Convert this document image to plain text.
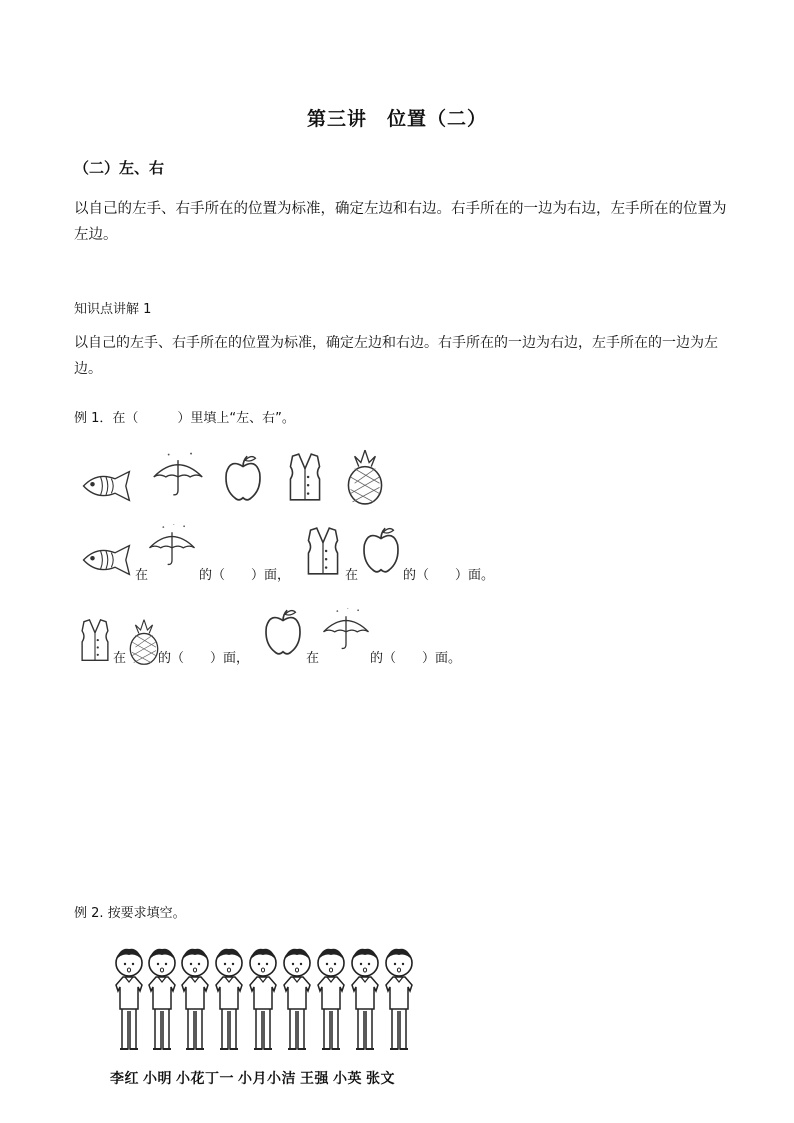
第三讲　位置（二）
（二）左、右
以自己的左手、右手所在的位置为标准，确定左边和右边。右手所在的一边为右边，左手所在的位置为左边。
知识点讲解 1
以自己的左手、右手所在的位置为标准，确定左边和右边。右手所在的一边为右边，左手所在的一边为左边。
例 1．在（　　　）里填上“左、右”。
在	的（　　）面，	在	的（　　）面。
在 的（　　）面，	在	的（　　）面。
例 2. 按要求填空。
李红 小明 小花丁一 小月小洁 王强 小英 张文
